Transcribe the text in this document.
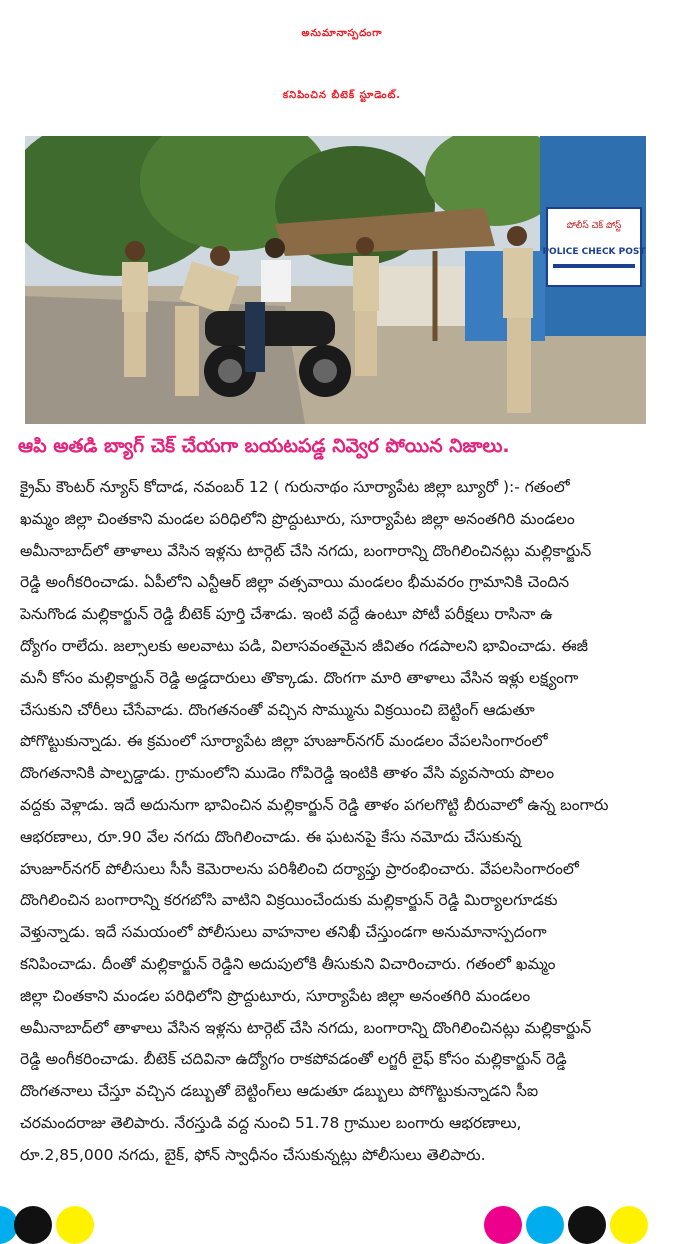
అనుమానాస్పదంగా
కనిపించిన బీటెక్ స్టూడెంట్.
పోలీస్ చెక్ పోస్ట్
POLICE CHECK POST
ఆపి అతడి బ్యాగ్ చెక్ చేయగా బయటపడ్డ నివ్వెర పోయిన నిజాలు.
క్రైమ్ కౌంటర్ న్యూస్ కోదాడ, నవంబర్ 12 ( గురునాథం సూర్యాపేట జిల్లా బ్యూరో ):- గతంలో
ఖమ్మం జిల్లా చింతకాని మండల పరిధిలోని ప్రొద్దుటూరు, సూర్యాపేట జిల్లా అనంతగిరి మండలం
అమీనాబాద్‌లో తాళాలు వేసిన ఇళ్లను టార్గెట్ చేసి నగదు, బంగారాన్ని దొంగిలించినట్లు మల్లికార్జున్
రెడ్డి అంగీకరించాడు. ఏపీలోని ఎన్టీఆర్ జిల్లా వత్సవాయి మండలం భీమవరం గ్రామానికి చెందిన
పెనుగొండ మల్లికార్జున్ రెడ్డి బీటెక్ పూర్తి చేశాడు. ఇంటి వద్దే ఉంటూ పోటీ పరీక్షలు రాసినా ఉ
ద్యోగం రాలేదు. జల్సాలకు అలవాటు పడి, విలాసవంతమైన జీవితం గడపాలని భావించాడు. ఈజీ
మనీ కోసం మల్లికార్జున్ రెడ్డి అడ్డదారులు తొక్కాడు. దొంగగా మారి తాళాలు వేసిన ఇళ్లు లక్ష్యంగా
చేసుకుని చోరీలు చేసేవాడు. దొంగతనంతో వచ్చిన సొమ్మును విక్రయించి బెట్టింగ్ ఆడుతూ
పోగొట్టుకున్నాడు. ఈ క్రమంలో సూర్యాపేట జిల్లా హుజూర్‌నగర్ మండలం వేపలసింగారంలో
దొంగతనానికి పాల్పడ్డాడు. గ్రామంలోని ముడెం గోపిరెడ్డి ఇంటికి తాళం వేసి వ్యవసాయ పొలం
వద్దకు వెళ్లాడు. ఇదే అదునుగా భావించిన మల్లికార్జున్ రెడ్డి తాళం పగలగొట్టి బీరువాలో ఉన్న బంగారు
ఆభరణాలు, రూ.90 వేల నగదు దొంగిలించాడు. ఈ ఘటనపై కేసు నమోదు చేసుకున్న
హుజూర్‌నగర్ పోలీసులు సీసీ కెమెరాలను పరిశీలించి దర్యాప్తు ప్రారంభించారు. వేపలసింగారంలో
దొంగిలించిన బంగారాన్ని కరగబోసి వాటిని విక్రయించేందుకు మల్లికార్జున్ రెడ్డి మిర్యాలగూడకు
వెళ్తున్నాడు. ఇదే సమయంలో పోలీసులు వాహనాల తనిఖీ చేస్తుండగా అనుమానాస్పదంగా
కనిపించాడు. దీంతో మల్లికార్జున్ రెడ్డిని అదుపులోకి తీసుకుని విచారించారు. గతంలో ఖమ్మం
జిల్లా చింతకాని మండల పరిధిలోని ప్రొద్దుటూరు, సూర్యాపేట జిల్లా అనంతగిరి మండలం
అమీనాబాద్‌లో తాళాలు వేసిన ఇళ్లను టార్గెట్ చేసి నగదు, బంగారాన్ని దొంగిలించినట్లు మల్లికార్జున్
రెడ్డి అంగీకరించాడు. బీటెక్ చదివినా ఉద్యోగం రాకపోవడంతో లగ్జరీ లైఫ్ కోసం మల్లికార్జున్ రెడ్డి
దొంగతనాలు చేస్తూ వచ్చిన డబ్బుతో బెట్టింగ్‌లు ఆడుతూ డబ్బులు పోగొట్టుకున్నాడని సీఐ
చరమందరాజు తెలిపారు. నేరస్తుడి వద్ద నుంచి 51.78 గ్రాముల బంగారు ఆభరణాలు,
రూ.2,85,000 నగదు, బైక్, ఫోన్ స్వాధీనం చేసుకున్నట్లు పోలీసులు తెలిపారు.
